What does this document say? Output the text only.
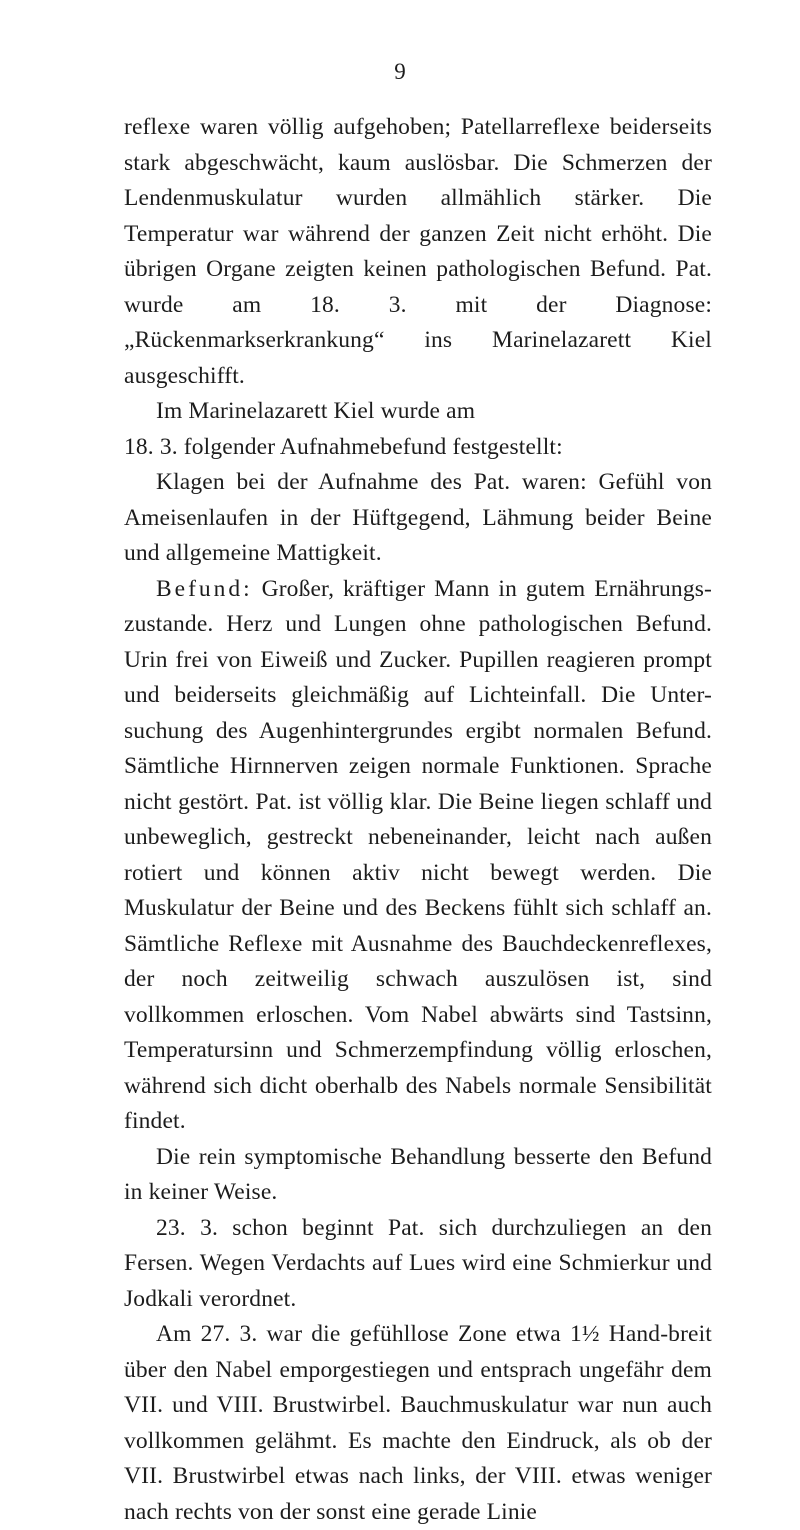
9

reflexe waren völlig aufgehoben; Patellarreflexe beiderseits stark abgeschwächt, kaum auslösbar. Die Schmerzen der Lendenmuskulatur wurden allmählich stärker. Die Temperatur war während der ganzen Zeit nicht erhöht. Die übrigen Organe zeigten keinen pathologischen Befund. Pat. wurde am 18. 3. mit der Diagnose: „Rückenmarkserkrankung“ ins Marinelazarett Kiel ausgeschifft.

Im Marinelazarett Kiel wurde am

18. 3. folgender Aufnahmebefund festgestellt:

Klagen bei der Aufnahme des Pat. waren: Gefühl von Ameisenlaufen in der Hüftgegend, Lähmung beider Beine und allgemeine Mattigkeit.

Befund: Großer, kräftiger Mann in gutem Ernährungs-zustande. Herz und Lungen ohne pathologischen Befund. Urin frei von Eiweiß und Zucker. Pupillen reagieren prompt und beiderseits gleichmäßig auf Lichteinfall. Die Unter-suchung des Augenhintergrundes ergibt normalen Befund. Sämtliche Hirnnerven zeigen normale Funktionen. Sprache nicht gestört. Pat. ist völlig klar. Die Beine liegen schlaff und unbeweglich, gestreckt nebeneinander, leicht nach außen rotiert und können aktiv nicht bewegt werden. Die Muskulatur der Beine und des Beckens fühlt sich schlaff an. Sämtliche Reflexe mit Ausnahme des Bauchdeckenreflexes, der noch zeitweilig schwach auszulösen ist, sind vollkommen erloschen. Vom Nabel abwärts sind Tastsinn, Temperatursinn und Schmerzempfindung völlig erloschen, während sich dicht oberhalb des Nabels normale Sensibilität findet.

Die rein symptomische Behandlung besserte den Befund in keiner Weise.

23. 3. schon beginnt Pat. sich durchzuliegen an den Fersen. Wegen Verdachts auf Lues wird eine Schmierkur und Jodkali verordnet.

Am 27. 3. war die gefühllose Zone etwa 1½ Hand-breit über den Nabel emporgestiegen und entsprach ungefähr dem VII. und VIII. Brustwirbel. Bauchmuskulatur war nun auch vollkommen gelähmt. Es machte den Eindruck, als ob der VII. Brustwirbel etwas nach links, der VIII. etwas weniger nach rechts von der sonst eine gerade Linie
